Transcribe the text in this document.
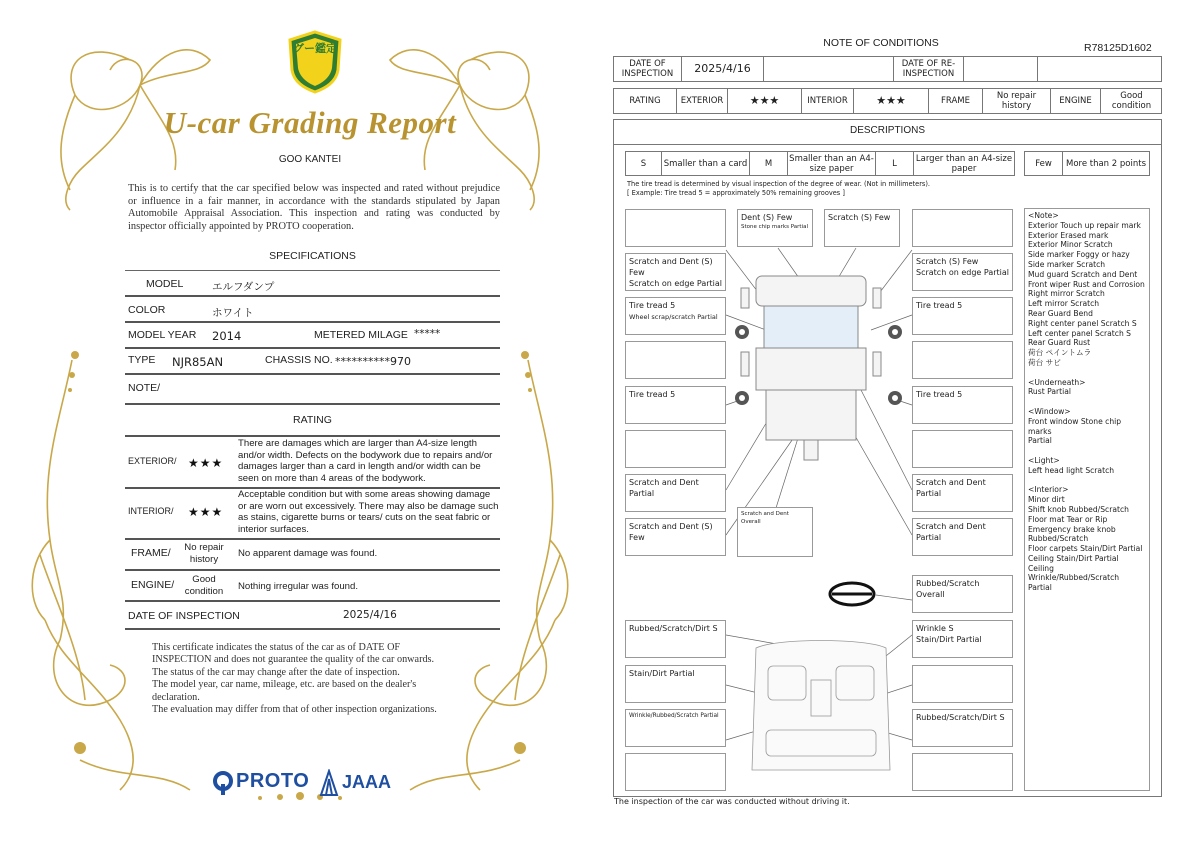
グー鑑定
U-car Grading Report
GOO KANTEI
This is to certify that the car specified below was inspected and rated without prejudice or influence in a fair manner, in accordance with the standards stipulated by Japan Automobile Appraisal Association. This inspection and rating was conducted by inspector officially appointed by PROTO cooperation.
SPECIFICATIONS
MODEL	エルフダンプ
COLOR	ホワイト
MODEL YEAR 2014	METERED MILAGE *****
TYPE NJR85AN	CHASSIS NO. **********970
NOTE/
RATING
EXTERIOR/ ★★★
There are damages which are larger than A4-size length and/or width. Defects on the bodywork due to repairs and/or damages larger than a card in length and/or width can be seen on more than 4 areas of the bodywork.
INTERIOR/ ★★★
Acceptable condition but with some areas showing damage or are worn out excessively. There may also be damage such as stains, cigarette burns or tears/ cuts on the seat fabric or interior surfaces.
FRAME/	No repair history	No apparent damage was found.
ENGINE/	Good condition	Nothing irregular was found.
DATE OF INSPECTION	2025/4/16
This certificate indicates the status of the car as of DATE OF
INSPECTION and does not guarantee the quality of the car onwards.
The status of the car may change after the date of inspection.
The model year, car name, mileage, etc. are based on the dealer's
declaration.
The evaluation may differ from that of other inspection organizations.
PROTO JAAA
NOTE OF CONDITIONS	R78125D1602
DATE OF INSPECTION	2025/4/16	DATE OF RE-INSPECTION
RATING	EXTERIOR	★★★	INTERIOR	★★★	FRAME	No repair history	ENGINE	Good condition
DESCRIPTIONS
S	Smaller than a card	M	Smaller than an A4-size paper	L	Larger than an A4-size paper	Few	More than 2 points
The tire tread is determined by visual inspection of the degree of wear. (Not in millimeters).
[ Example: Tire tread 5 = approximately 50% remaining grooves ]
Scratch and Dent (S) Few
Scratch on edge Partial
Tire tread 5
Wheel scrap/scratch Partial
Tire tread 5
Scratch and Dent Partial
Scratch and Dent (S) Few
Dent (S) Few
Stone chip marks Partial
Scratch (S) Few
Scratch and Dent Overall
Scratch (S) Few
Scratch on edge Partial
Tire tread 5
Tire tread 5
Scratch and Dent Partial
Scratch and Dent Partial
Rubbed/Scratch Overall
Rubbed/Scratch/Dirt S	Wrinkle S
Stain/Dirt Partial
Stain/Dirt Partial
Wrinkle/Rubbed/Scratch Partial	Rubbed/Scratch/Dirt S
<Note>
Exterior Touch up repair mark
Exterior Erased mark
Exterior Minor Scratch
Side marker Foggy or hazy
Side marker Scratch
Mud guard Scratch and Dent
Front wiper Rust and Corrosion
Right mirror Scratch
Left mirror Scratch
Rear Guard Bend
Right center panel Scratch S
Left center panel Scratch S
Rear Guard Rust
荷台 ペイントムラ
荷台 サビ
<Underneath>
Rust Partial
<Window>
Front window Stone chip marks
Partial
<Light>
Left head light Scratch
<Interior>
Minor dirt
Shift knob Rubbed/Scratch
Floor mat Tear or Rip
Emergency brake knob
Rubbed/Scratch
Floor carpets Stain/Dirt Partial
Ceiling Stain/Dirt Partial
Ceiling
Wrinkle/Rubbed/Scratch
Partial
The inspection of the car was conducted without driving it.
